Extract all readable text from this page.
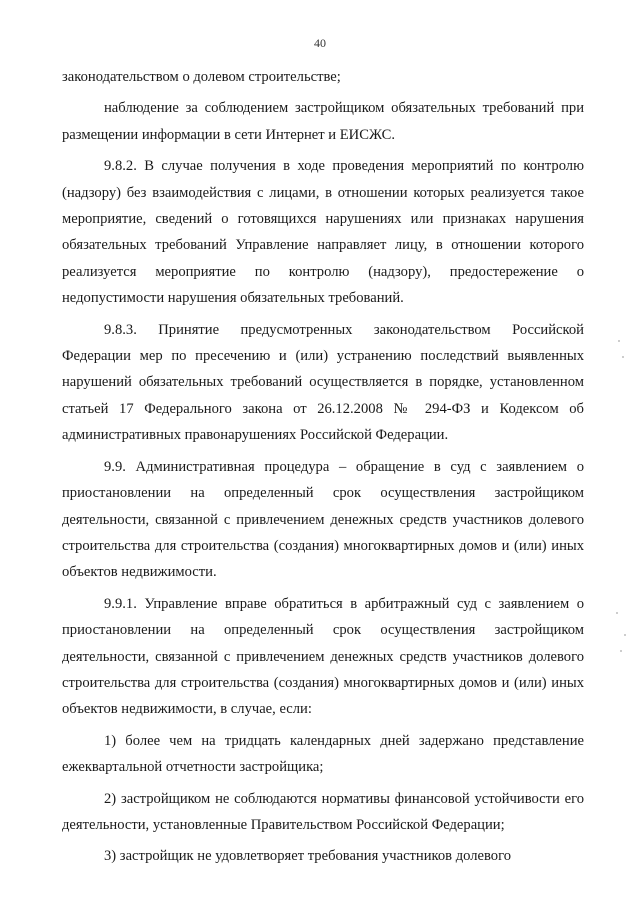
40

законодательством о долевом строительстве;

наблюдение за соблюдением застройщиком обязательных требований при размещении информации в сети Интернет и ЕИСЖС.

9.8.2. В случае получения в ходе проведения мероприятий по контролю (надзору) без взаимодействия с лицами, в отношении которых реализуется такое мероприятие, сведений о готовящихся нарушениях или признаках нарушения обязательных требований Управление направляет лицу, в отношении которого реализуется мероприятие по контролю (надзору), предостережение о недопустимости нарушения обязательных требований.

9.8.3. Принятие предусмотренных законодательством Российской Федерации мер по пресечению и (или) устранению последствий выявленных нарушений обязательных требований осуществляется в порядке, установленном статьей 17 Федерального закона от 26.12.2008 № 294-ФЗ и Кодексом об административных правонарушениях Российской Федерации.

9.9. Административная процедура – обращение в суд с заявлением о приостановлении на определенный срок осуществления застройщиком деятельности, связанной с привлечением денежных средств участников долевого строительства для строительства (создания) многоквартирных домов и (или) иных объектов недвижимости.

9.9.1. Управление вправе обратиться в арбитражный суд с заявлением о приостановлении на определенный срок осуществления застройщиком деятельности, связанной с привлечением денежных средств участников долевого строительства для строительства (создания) многоквартирных домов и (или) иных объектов недвижимости, в случае, если:

1) более чем на тридцать календарных дней задержано представление ежеквартальной отчетности застройщика;

2) застройщиком не соблюдаются нормативы финансовой устойчивости его деятельности, установленные Правительством Российской Федерации;

3) застройщик не удовлетворяет требования участников долевого
